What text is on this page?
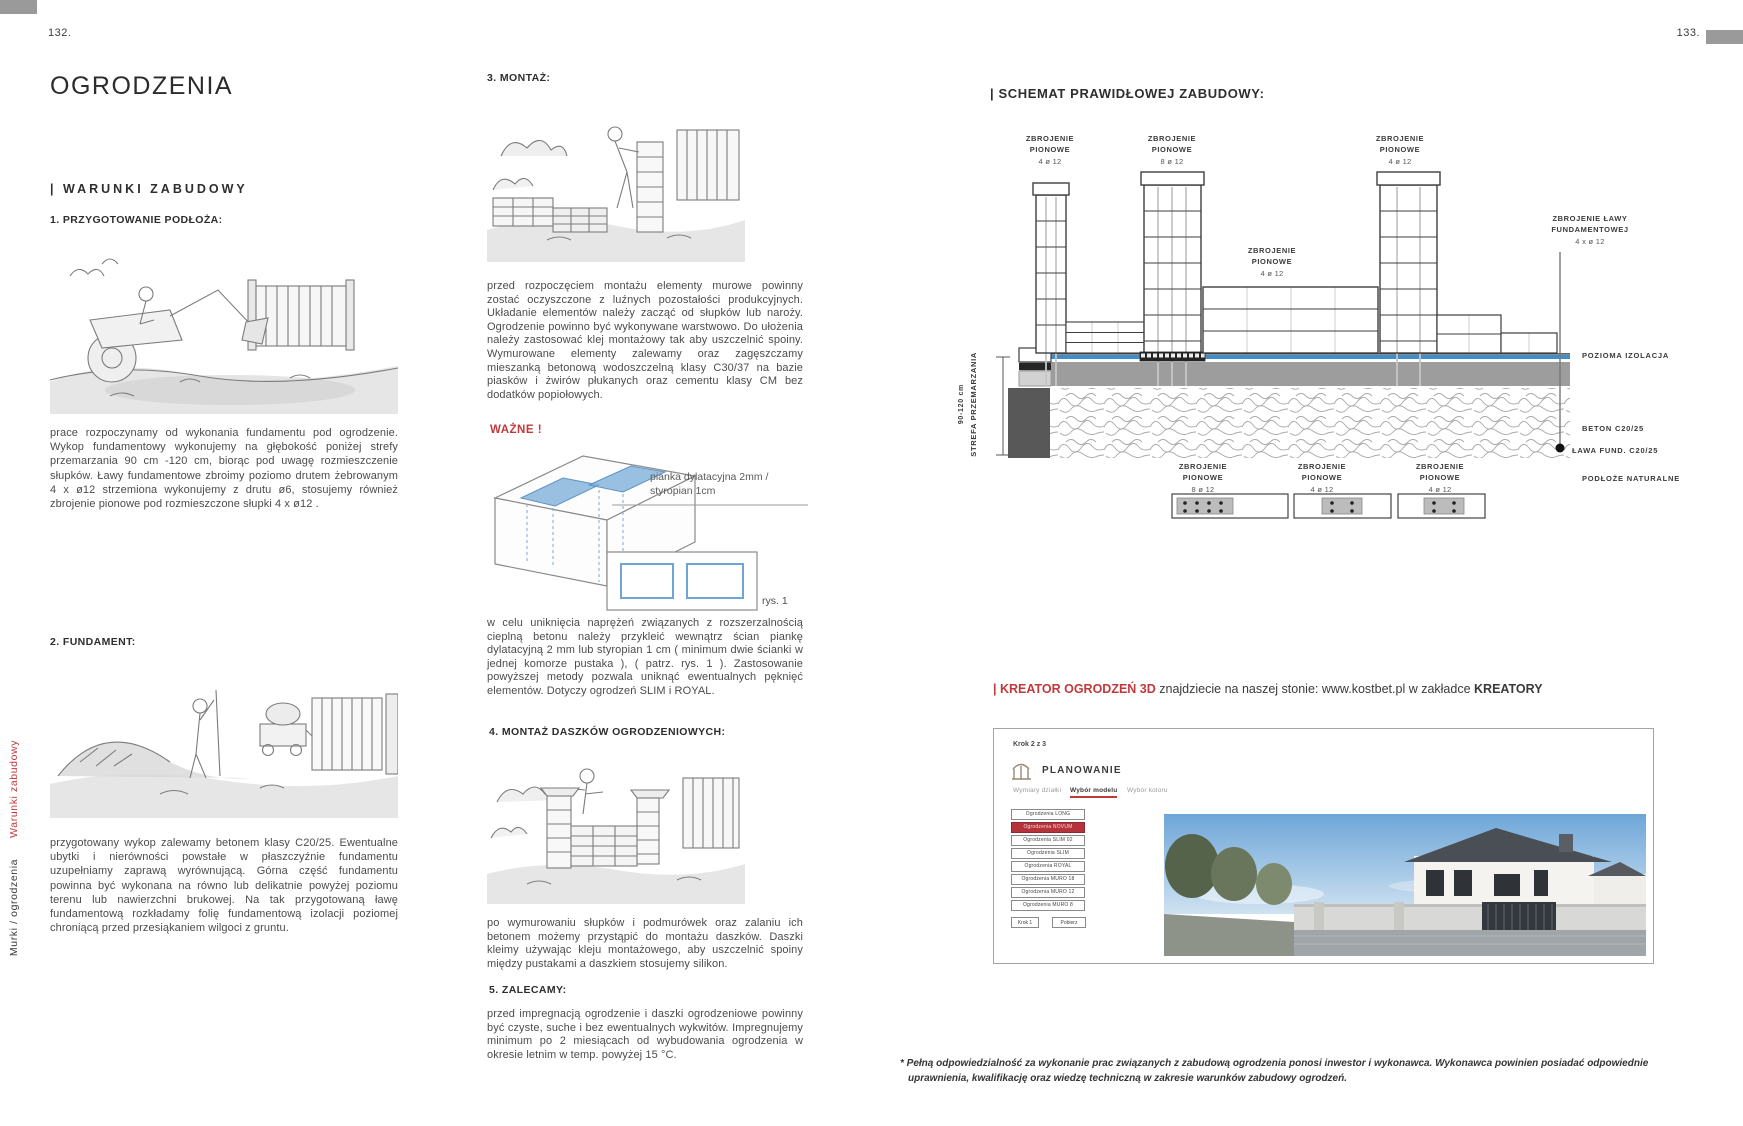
132.	133.
Murki / ogrodzenia  Warunki zabudowy
OGRODZENIA
| WARUNKI ZABUDOWY
1. PRZYGOTOWANIE PODŁOŻA:
prace rozpoczynamy od wykonania fundamentu pod ogrodzenie. Wykop fundamentowy wykonujemy na głębokość poniżej strefy przemarzania 90 cm -120 cm, biorąc pod uwagę rozmieszczenie słupków. Ławy fundamentowe zbroimy poziomo drutem żebrowanym 4 x ø12 strzemiona wykonujemy z drutu ø6, stosujemy również zbrojenie pionowe pod rozmieszczone słupki 4 x ø12 .
2. FUNDAMENT:
przygotowany wykop zalewamy betonem klasy C20/25. Ewentualne ubytki i nierówności powstałe w płaszczyźnie fundamentu uzupełniamy zaprawą wyrównującą. Górna część fundamentu powinna być wykonana na równo lub delikatnie powyżej poziomu terenu lub nawierzchni brukowej. Na tak przygotowaną ławę fundamentową rozkładamy folię fundamentową izolacji poziomej chroniącą przed przesiąkaniem wilgoci z gruntu.
3. MONTAŻ:
przed rozpoczęciem montażu elementy murowe powinny zostać oczyszczone z luźnych pozostałości produkcyjnych. Układanie elementów należy zacząć od słupków lub naroży. Ogrodzenie powinno być wykonywane warstwowo. Do ułożenia należy zastosować klej montażowy tak aby uszczelnić spoiny. Wymurowane elementy zalewamy oraz zagęszczamy mieszanką betonową wodoszczelną klasy C30/37 na bazie piasków i żwirów płukanych oraz cementu klasy CM bez dodatków popiołowych.
WAŻNE !
pianka dylatacyjna 2mm /
styropian 1cm
rys. 1
w celu uniknięcia naprężeń związanych z rozszerzalnością cieplną betonu należy przykleić wewnątrz ścian piankę dylatacyjną 2 mm lub styropian 1 cm ( minimum dwie ścianki w jednej komorze pustaka ), ( patrz. rys. 1 ). Zastosowanie powyższej metody pozwala uniknąć ewentualnych pęknięć elementów. Dotyczy ogrodzeń SLIM i ROYAL.
4. MONTAŻ DASZKÓW OGRODZENIOWYCH:
po wymurowaniu słupków i podmurówek oraz zalaniu ich betonem możemy przystąpić do montażu daszków. Daszki kleimy używając kleju montażowego, aby uszczelnić spoiny między pustakami a daszkiem stosujemy silikon.
5. ZALECAMY:
przed impregnacją ogrodzenie i daszki ogrodzeniowe powinny być czyste, suche i bez ewentualnych wykwitów. Impregnujemy minimum po 2 miesiącach od wybudowania ogrodzenia w okresie letnim w temp. powyżej 15 °C.
| SCHEMAT PRAWIDŁOWEJ ZABUDOWY:
ZBROJENIE
PIONOWE
4 ø 12
ZBROJENIE
PIONOWE
8 ø 12
ZBROJENIE
PIONOWE
4 ø 12
ZBROJENIE
PIONOWE
4 ø 12
ZBROJENIE ŁAWY
FUNDAMENTOWEJ
4 x ø 12
POZIOMA IZOLACJA
BETON C20/25
ŁAWA FUND. C20/25
PODŁOŻE NATURALNE
90-120 cm STREFA PRZEMARZANIA
ZBROJENIE
PIONOWE
8 ø 12
ZBROJENIE
PIONOWE
4 ø 12
ZBROJENIE
PIONOWE
4 ø 12
| KREATOR OGRODZEŃ 3D znajdziecie na naszej stonie: www.kostbet.pl w zakładce KREATORY
Krok 2 z 3
PLANOWANIE
Wymiary działki Wybór modelu Wybór koloru
Ogrodzenia LONG
Ogrodzenia NOVUM
Ogrodzenia SLIM 02
Ogrodzenia SLIM
Ogrodzenia ROYAL
Ogrodzenia MURO 18
Ogrodzenia MURO 12
Ogrodzenia MURO 8
Krok 1	Pobierz
* Pełną odpowiedzialność za wykonanie prac związanych z zabudową ogrodzenia ponosi inwestor i wykonawca. Wykonawca powinien posiadać odpowiednie
uprawnienia, kwalifikację oraz wiedzę techniczną w zakresie warunków zabudowy ogrodzeń.
